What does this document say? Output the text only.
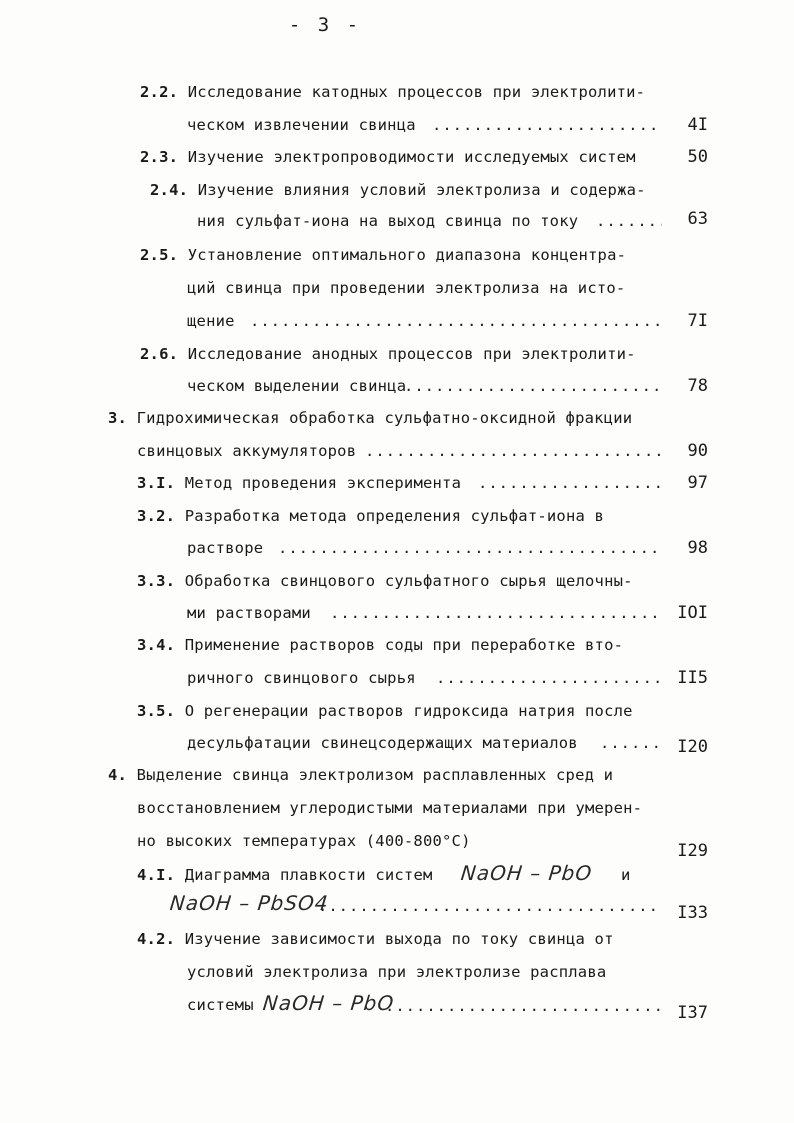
- 3 -
2.2. Исследование катодных процессов при электролити-
ческом извлечении свинца .....	4I
2.3. Изучение электропроводимости исследуемых систем	50
2.4. Изучение влияния условий электролиза и содержа-
ния сульфат-иона на выход свинца по току .....	63
2.5. Установление оптимального диапазона концентра-
ций свинца при проведении электролиза на исто-
щение .....	7I
2.6. Исследование анодных процессов при электролити-
ческом выделении свинца .....	78
3. Гидрохимическая обработка сульфатно-оксидной фракции
свинцовых аккумуляторов .....	90
3.I. Метод проведения эксперимента .....	97
3.2. Разработка метода определения сульфат-иона в
растворе .....	98
3.3. Обработка свинцового сульфатного сырья щелочны-
ми растворами .....	IOI
3.4. Применение растворов соды при переработке вто-
ричного свинцового сырья .....	II5
3.5. О регенерации растворов гидроксида натрия после
десульфатации свинецсодержащих материалов .....	I20
4. Выделение свинца электролизом расплавленных сред и
восстановлением углеродистыми материалами при умерен-
но высоких температурах (400-800°С)	I29
4.I. Диаграмма плавкости систем NaOH – PbO и
NaOH – PbSO4 .....	I33
4.2. Изучение зависимости выхода по току свинца от
условий электролиза при электролизе расплава
системы NaOH – PbO .....	I37
